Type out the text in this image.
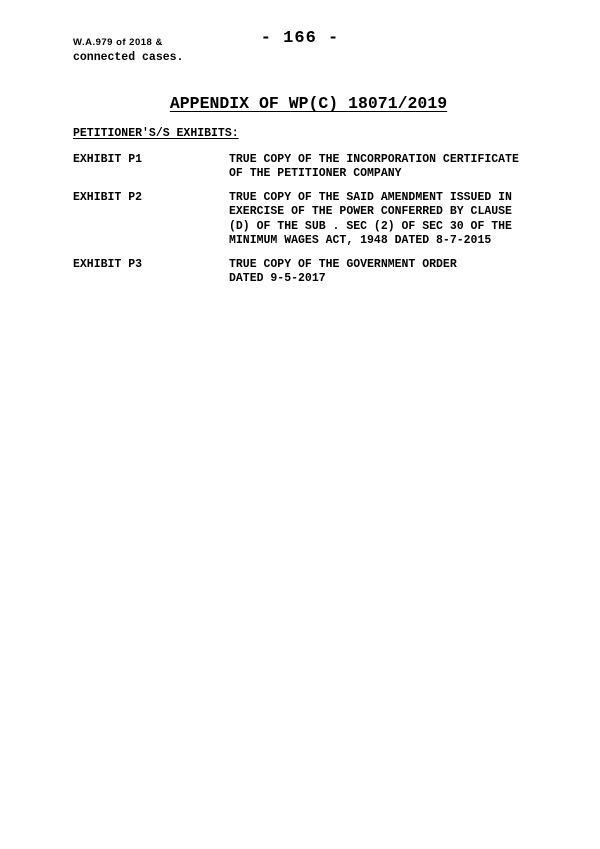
W.A.979 of 2018 &
connected cases.
- 166 -
APPENDIX OF WP(C) 18071/2019
PETITIONER'S/S EXHIBITS:
EXHIBIT P1	TRUE COPY OF THE INCORPORATION CERTIFICATE
OF THE PETITIONER COMPANY
EXHIBIT P2	TRUE COPY OF THE SAID AMENDMENT ISSUED IN
EXERCISE OF THE POWER CONFERRED BY CLAUSE
(D) OF THE SUB . SEC (2) OF SEC 30 OF THE
MINIMUM WAGES ACT, 1948 DATED 8-7-2015
EXHIBIT P3	TRUE COPY OF THE GOVERNMENT ORDER
DATED 9-5-2017
